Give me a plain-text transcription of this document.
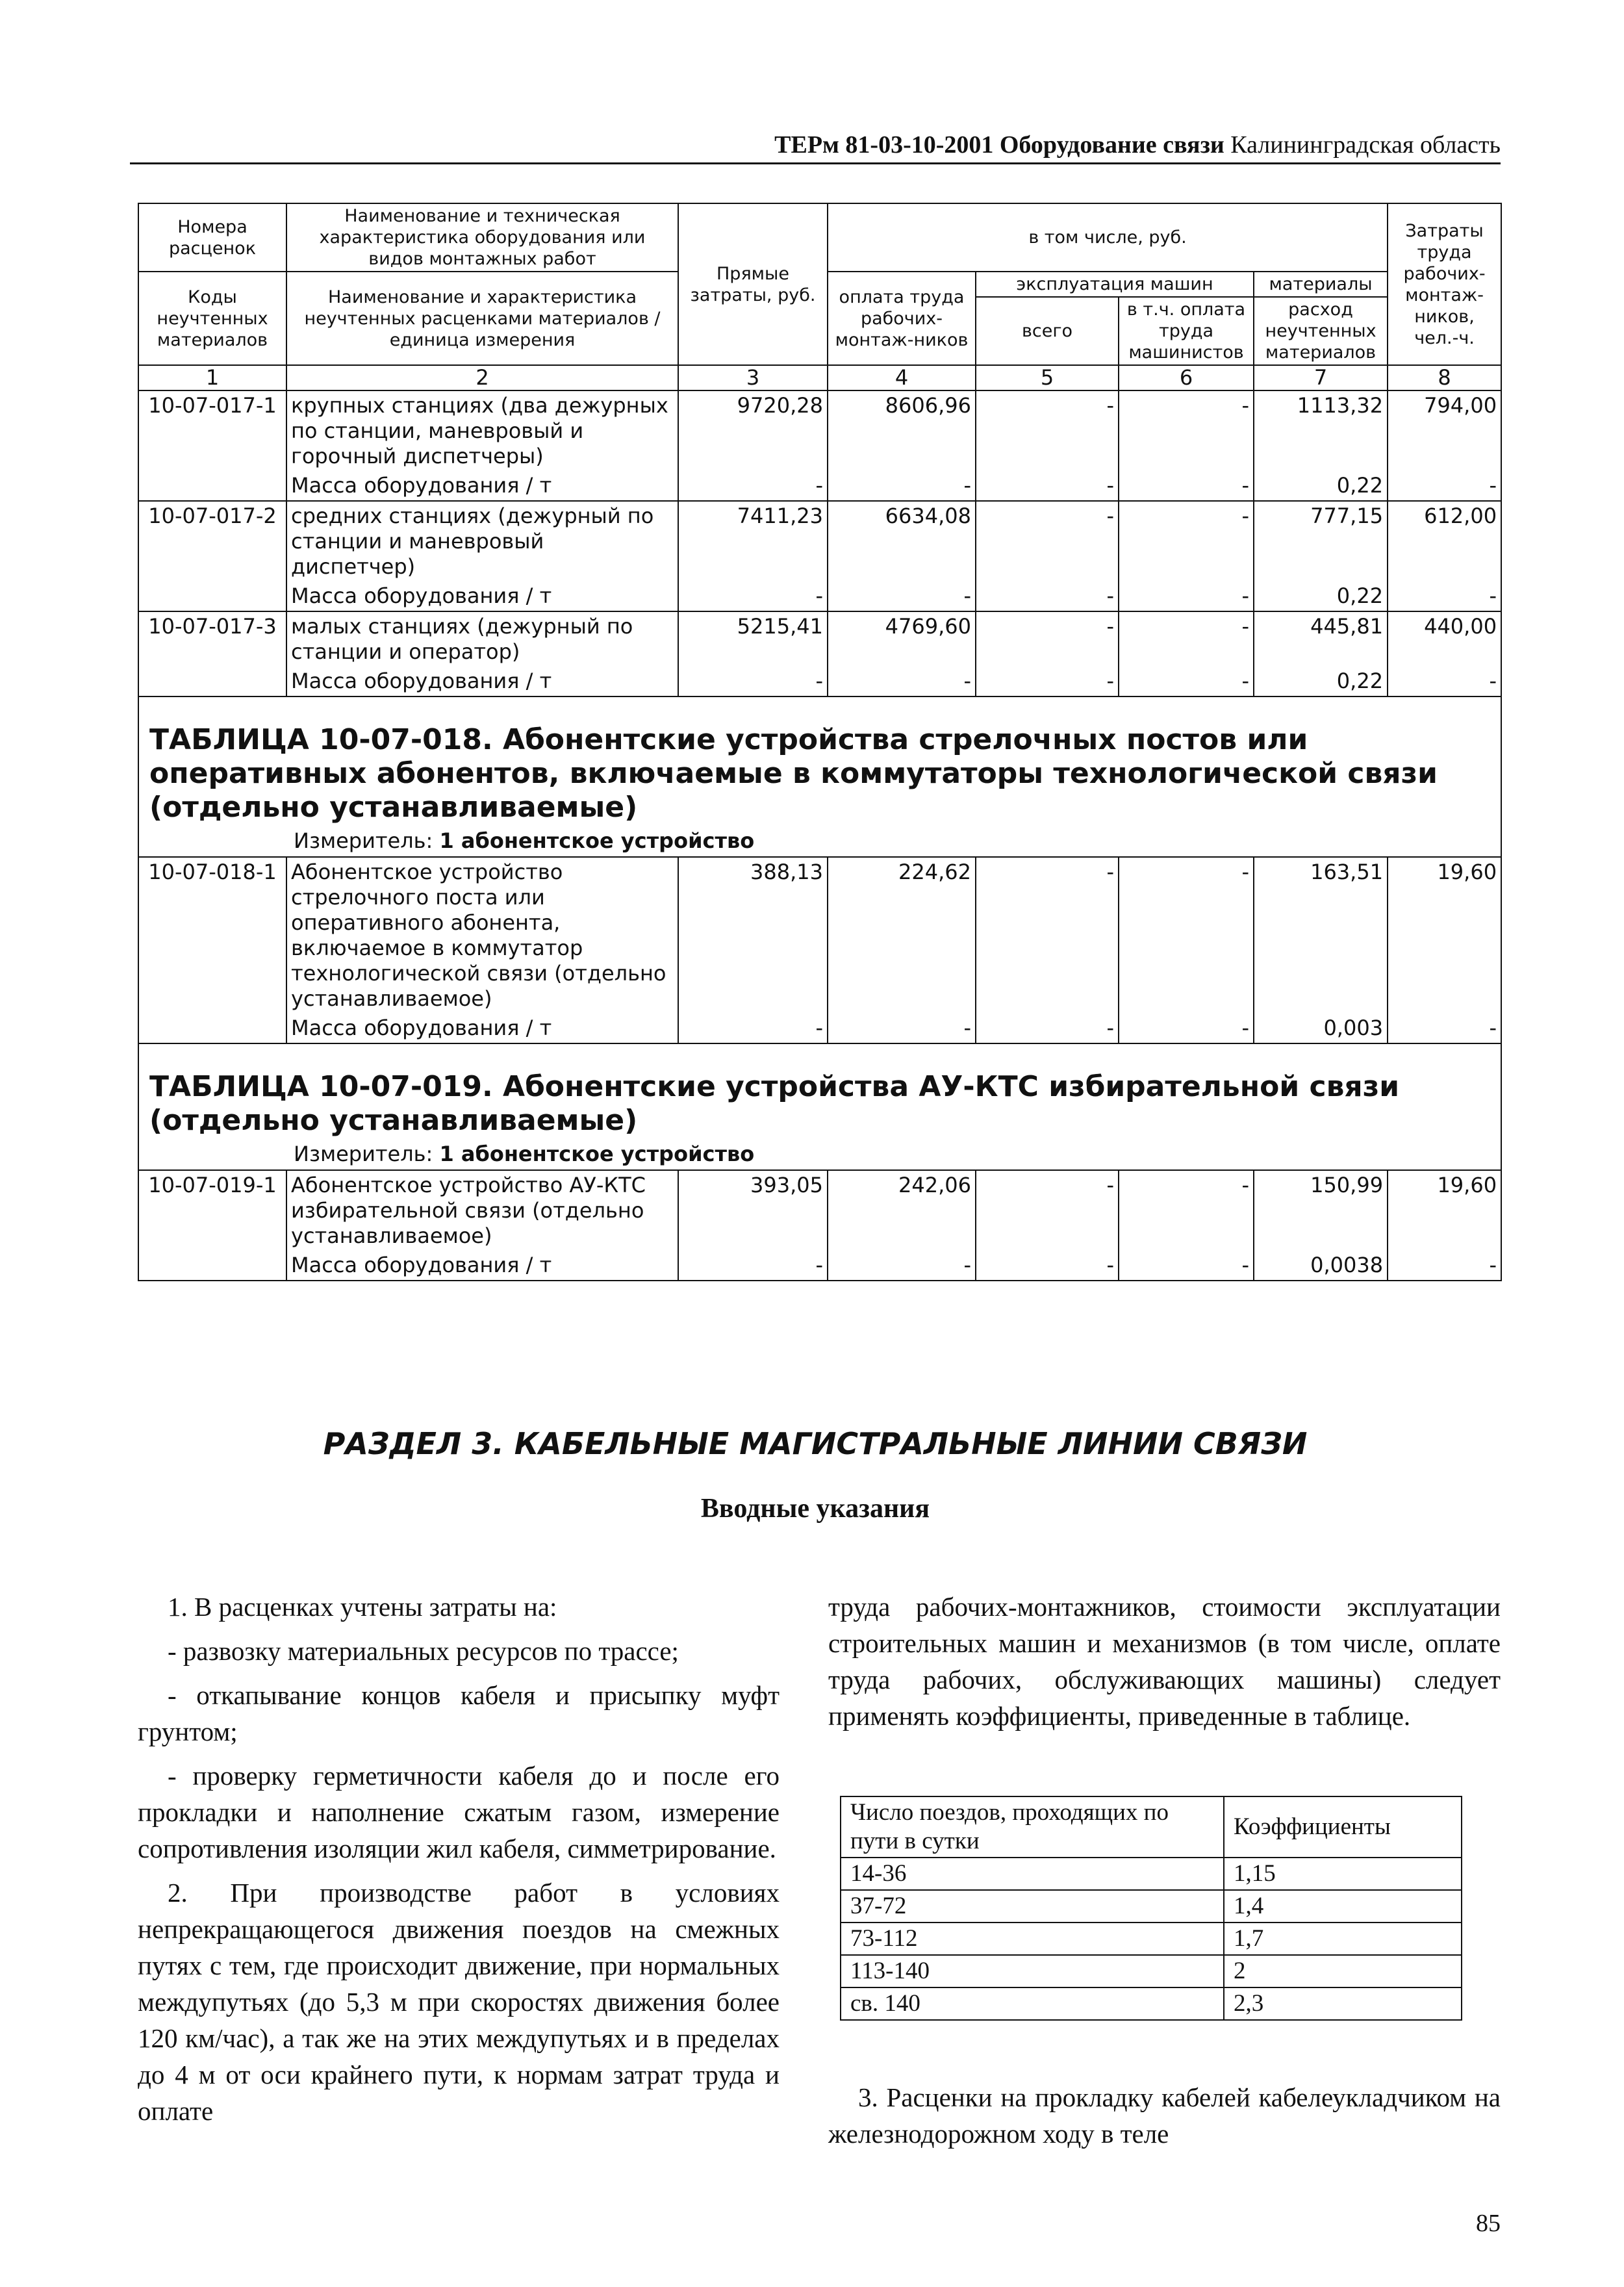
ТЕРм 81-03-10-2001 Оборудование связи Калининградская область
Номера расценок	Наименование и техническая характеристика оборудования или видов монтажных работ	Прямые затраты, руб.	в том числе, руб.				Затраты труда рабочих-монтаж-ников, чел.-ч.
Коды неучтенных материалов	Наименование и характеристика неучтенных расценками материалов / единица измерения		оплата труда рабочих-монтаж-ников	эксплуатация машин		материалы	
				всего	в т.ч. оплата труда машинистов	расход неучтенных материалов	
1	2	3	4	5	6	7	8
10-07-017-1	крупных станциях (два дежурных по станции, маневровый и горочный диспетчеры)	9720,28	8606,96	-	-	1113,32	794,00
	Масса оборудования / т	-	-	-	-	0,22	-
10-07-017-2	средних станциях (дежурный по станции и маневровый диспетчер)	7411,23	6634,08	-	-	777,15	612,00
	Масса оборудования / т	-	-	-	-	0,22	-
10-07-017-3	малых станциях (дежурный по станции и оператор)	5215,41	4769,60	-	-	445,81	440,00
	Масса оборудования / т	-	-	-	-	0,22	-
ТАБЛИЦА 10-07-018. Абонентские устройства стрелочных постов или оперативных абонентов, включаемые в коммутаторы технологической связи (отдельно устанавливаемые)							
Измеритель: 1 абонентское устройство							
10-07-018-1	Абонентское устройство стрелочного поста или оперативного абонента, включаемое в коммутатор технологической связи (отдельно устанавливаемое)	388,13	224,62	-	-	163,51	19,60
	Масса оборудования / т	-	-	-	-	0,003	-
ТАБЛИЦА 10-07-019. Абонентские устройства АУ-КТС избирательной связи (отдельно устанавливаемые)							
Измеритель: 1 абонентское устройство							
10-07-019-1	Абонентское устройство АУ-КТС избирательной связи (отдельно устанавливаемое)	393,05	242,06	-	-	150,99	19,60
	Масса оборудования / т	-	-	-	-	0,0038	-
РАЗДЕЛ 3. КАБЕЛЬНЫЕ МАГИСТРАЛЬНЫЕ ЛИНИИ СВЯЗИ
Вводные указания

1. В расценках учтены затраты на:

- развозку материальных ресурсов по трассе;

- откапывание концов кабеля и присыпку муфт грунтом;

- проверку герметичности кабеля до и после его прокладки и наполнение сжатым газом, измерение сопротивления изоляции жил кабеля, симметрирование.

2. При производстве работ в условиях непрекращающегося движения поездов на смежных путях с тем, где происходит движение, при нормальных междупутьях (до 5,3 м при скоростях движения более 120 км/час), а так же на этих междупутьях и в пределах до 4 м от оси крайнего пути, к нормам затрат труда и оплате

труда рабочих-монтажников, стоимости эксплуатации строительных машин и механизмов (в том числе, оплате труда рабочих, обслуживающих машины) следует применять коэффициенты, приведенные в таблице.

Число поездов, проходящих по пути в сутки	Коэффициенты
14-36	1,15
37-72	1,4
73-112	1,7
113-140	2
св. 140	2,3

3. Расценки на прокладку кабелей кабелеукладчиком на железнодорожном ходу в теле

85
